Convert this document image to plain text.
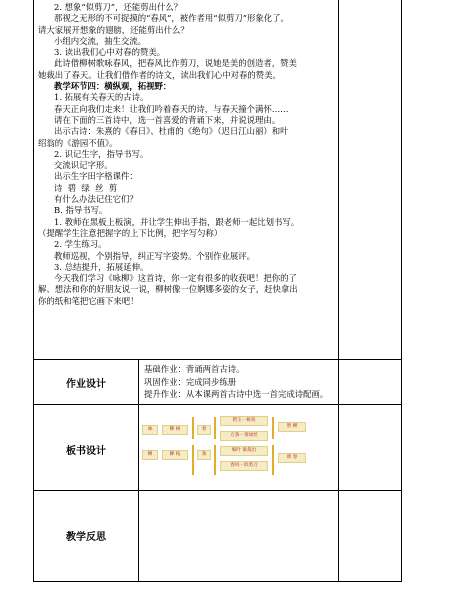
2. 想象“似剪刀”，还能剪出什么？

那视之无形的不可捉摸的“春风”，被作者用“似剪刀”形象化了。

请大家展开想象的翅膀，还能剪出什么？

小组内交流，抽生交流。

3. 读出我们心中对春的赞美。

此诗借柳树歌咏春风，把春风比作剪刀，说她是美的创造者，赞美

她裁出了春天。让我们借作者的诗文，读出我们心中对春的赞美。

教学环节四：横纵观，拓视野：

1. 拓展有关春天的古诗。

春天正向我们走来！让我们吟着春天的诗，与春天撞个满怀……

请在下面的三首诗中，选一首喜爱的背诵下来，并说说理由。

出示古诗：朱熹的《春日》、杜甫的《绝句》（迟日江山丽）和叶

绍翁的《游园不值》。

2. 识记生字，指导书写。

交流识记字形。

出示生字田字格课件：

诗  碧  绿  丝  剪

有什么办法记住它们？

B. 指导书写。

1. 教师在黑板上板演，并让学生伸出手指，跟老师一起比划书写。

（提醒学生注意把握字的上下比例，把字写匀称）

2. 学生练习。

教师巡视，个别指导，纠正写字姿势。个别作业展评。

3. 总结提升，拓展延伸。

今天我们学习《咏柳》这首诗，你一定有很多的收获吧！把你的了

解、想法和你的好朋友说一说，柳树像一位婀娜多姿的女子，赶快拿出

你的纸和笔把它画下来吧！

作业设计

基础作业：背诵两首古诗。

巩固作业：完成同步练册

提升作业：从本课两首古诗中选一首完成诗配画。

板书设计
咏
柳
柳 树
柳 枝
春
条
碧玉一树高
万条一垂绿丝
细叶 谁裁出
春风一似剪刀
赞 柳
颂 春
教学反思
